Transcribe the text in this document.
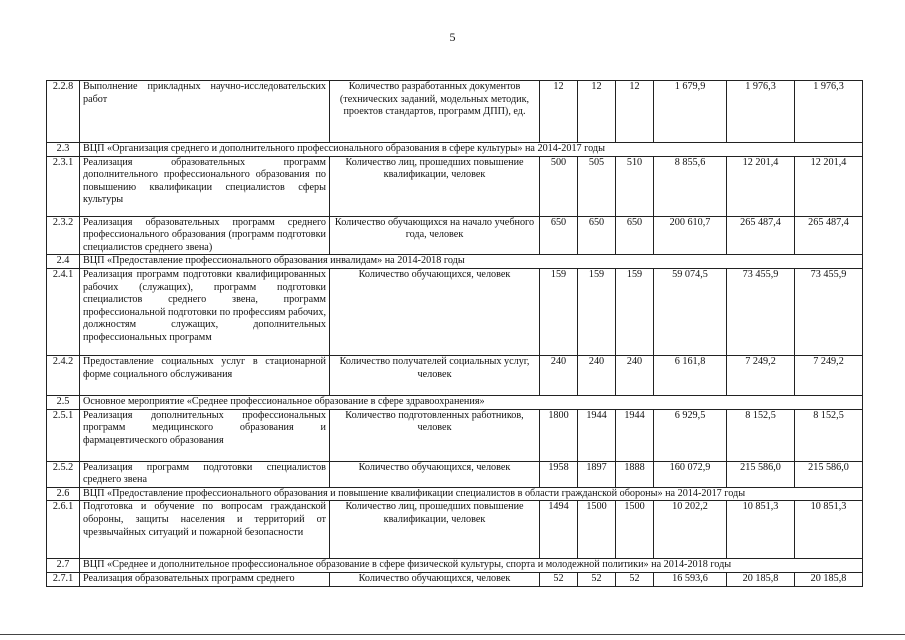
5
2.2.8	Выполнение прикладных научно-исследовательских работ	Количество разработанных документов (технических заданий, модельных методик, проектов стандартов, программ ДПП), ед.	12	12	12	1 679,9	1 976,3	1 976,3
2.3	ВЦП «Организация среднего и дополнительного профессионального образования в сфере культуры» на 2014-2017 годы							
2.3.1	Реализация образовательных программ дополнительного профессионального образования по повышению квалификации специалистов сферы культуры	Количество лиц, прошедших повышение квалификации, человек	500	505	510	8 855,6	12 201,4	12 201,4
2.3.2	Реализация образовательных программ среднего профессионального образования (программ подготовки специалистов среднего звена)	Количество обучающихся на начало учебного года, человек	650	650	650	200 610,7	265 487,4	265 487,4
2.4	ВЦП «Предоставление профессионального образования инвалидам» на 2014-2018 годы							
2.4.1	Реализация программ подготовки квалифицированных рабочих (служащих), программ подготовки специалистов среднего звена, программ профессиональной подготовки по профессиям рабочих, должностям служащих, дополнительных профессиональных программ	Количество обучающихся, человек	159	159	159	59 074,5	73 455,9	73 455,9
2.4.2	Предоставление социальных услуг в стационарной форме социального обслуживания	Количество получателей социальных услуг, человек	240	240	240	6 161,8	7 249,2	7 249,2
2.5	Основное мероприятие «Среднее профессиональное образование в сфере здравоохранения»							
2.5.1	Реализация дополнительных профессиональных программ медицинского образования и фармацевтического образования	Количество подготовленных работников, человек	1800	1944	1944	6 929,5	8 152,5	8 152,5
2.5.2	Реализация программ подготовки специалистов среднего звена	Количество обучающихся, человек	1958	1897	1888	160 072,9	215 586,0	215 586,0
2.6	ВЦП «Предоставление профессионального образования и повышение квалификации специалистов в области гражданской обороны» на 2014-2017 годы							
2.6.1	Подготовка и обучение по вопросам гражданской обороны, защиты населения и территорий от чрезвычайных ситуаций и пожарной безопасности	Количество лиц, прошедших повышение квалификации, человек	1494	1500	1500	10 202,2	10 851,3	10 851,3
2.7	ВЦП «Среднее и дополнительное профессиональное образование в сфере физической культуры, спорта и молодежной политики» на 2014-2018 годы							
2.7.1	Реализация образовательных программ среднего	Количество обучающихся, человек	52	52	52	16 593,6	20 185,8	20 185,8
